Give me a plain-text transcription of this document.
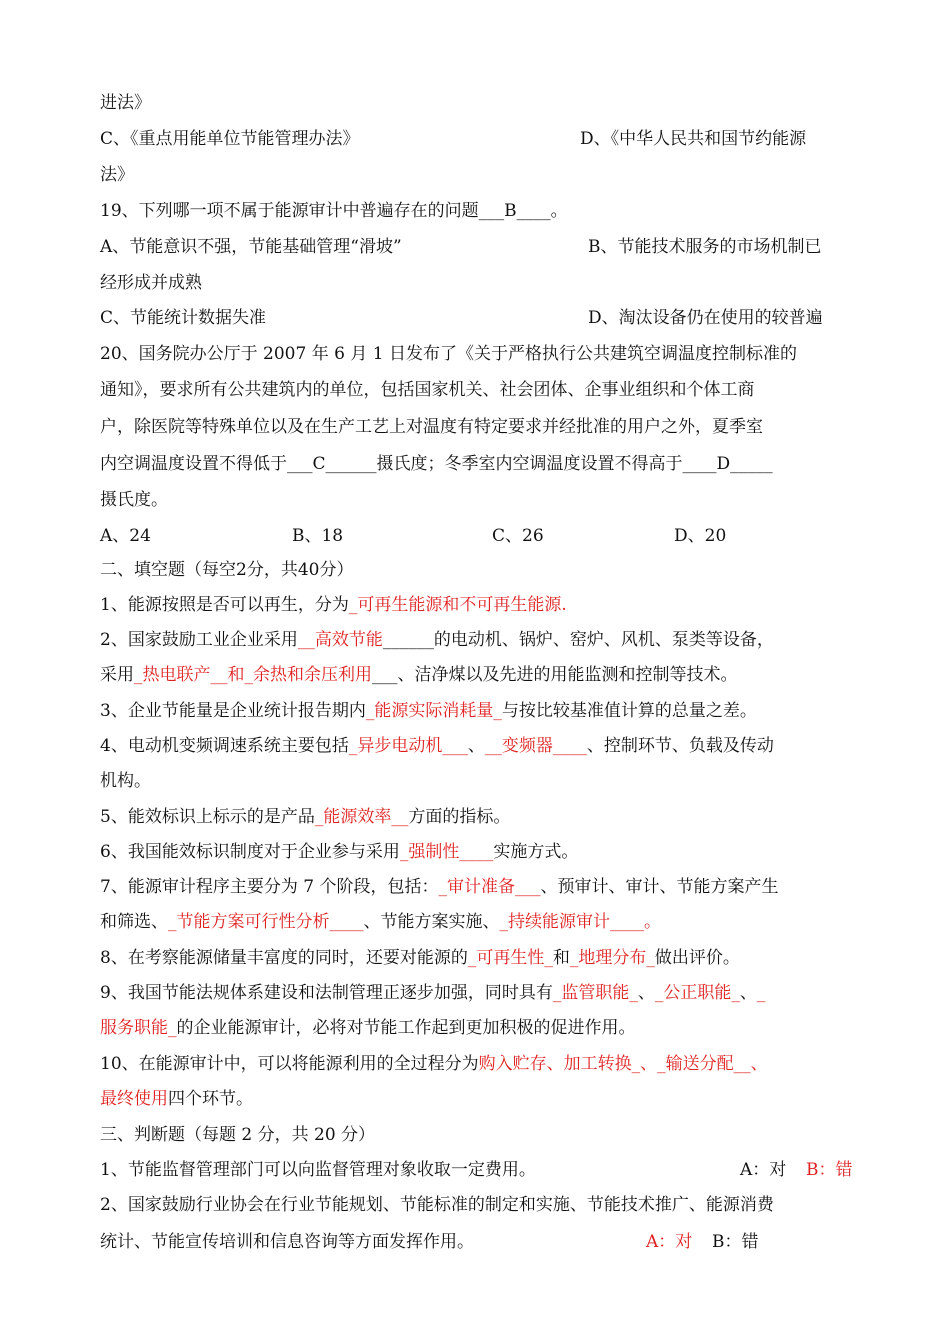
进法》
C、《重点用能单位节能管理办法》	D、《中华人民共和国节约能源
法》
19、下列哪一项不属于能源审计中普遍存在的问题___B____。
A、节能意识不强，节能基础管理“滑坡”	B、节能技术服务的市场机制已
经形成并成熟
C、节能统计数据失准	D、淘汰设备仍在使用的较普遍
20、国务院办公厅于 2007 年 6 月 1 日发布了《关于严格执行公共建筑空调温度控制标准的
通知》，要求所有公共建筑内的单位，包括国家机关、社会团体、企事业组织和个体工商
户，除医院等特殊单位以及在生产工艺上对温度有特定要求并经批准的用户之外，夏季室
内空调温度设置不得低于___C______摄氏度；冬季室内空调温度设置不得高于____D_____
摄氏度。
A、24	B、18	C、26	D、20
二、填空题（每空2分，共40分）
1、能源按照是否可以再生，分为_可再生能源和不可再生能源.
2、国家鼓励工业企业采用__高效节能______的电动机、锅炉、窑炉、风机、泵类等设备，
采用_热电联产__和_余热和余压利用___、洁净煤以及先进的用能监测和控制等技术。
3、企业节能量是企业统计报告期内_能源实际消耗量_与按比较基准值计算的总量之差。
4、电动机变频调速系统主要包括_异步电动机___、__变频器____、控制环节、负载及传动
机构。
5、能效标识上标示的是产品_能源效率__方面的指标。
6、我国能效标识制度对于企业参与采用_强制性____实施方式。
7、能源审计程序主要分为 7 个阶段，包括：_审计准备___、预审计、审计、节能方案产生
和筛选、_节能方案可行性分析____、节能方案实施、_持续能源审计____。
8、在考察能源储量丰富度的同时，还要对能源的_可再生性_和_地理分布_做出评价。
9、我国节能法规体系建设和法制管理正逐步加强，同时具有_监管职能_、_公正职能_、_
服务职能_的企业能源审计，必将对节能工作起到更加积极的促进作用。
10、在能源审计中，可以将能源利用的全过程分为购入贮存、加工转换_、_输送分配__、
最终使用四个环节。
三、判断题（每题 2 分，共 20 分）
1、节能监督管理部门可以向监督管理对象收取一定费用。	A：对 B：错
2、国家鼓励行业协会在行业节能规划、节能标准的制定和实施、节能技术推广、能源消费
统计、节能宣传培训和信息咨询等方面发挥作用。	A：对 B：错
